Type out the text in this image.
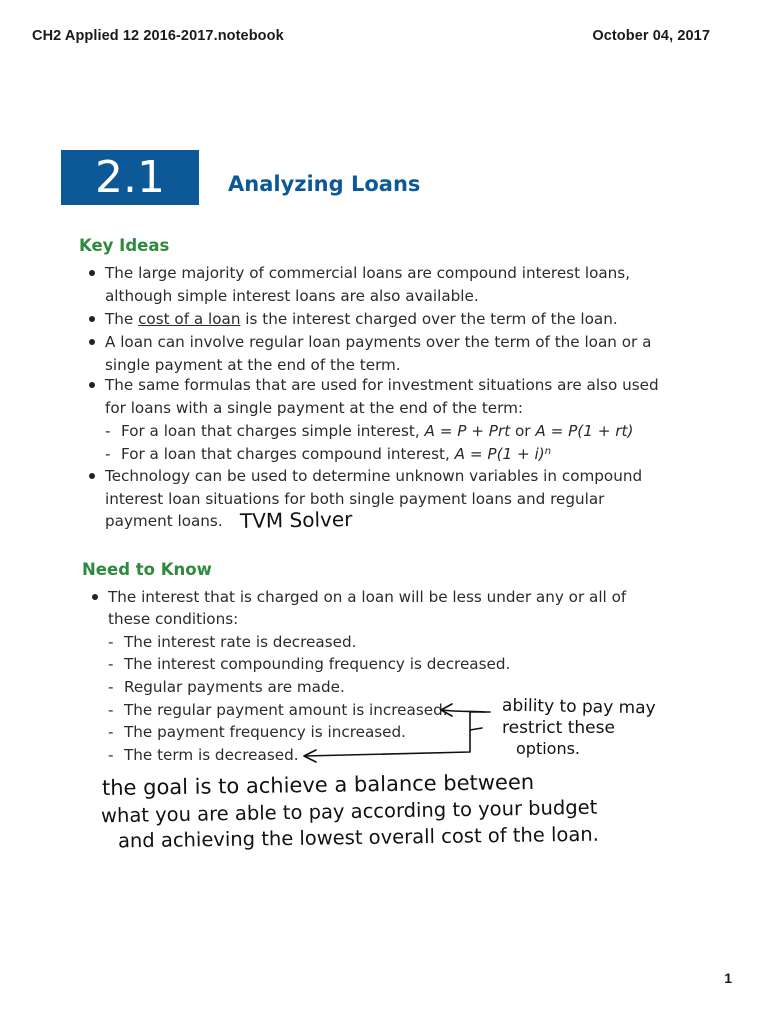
CH2 Applied 12 2016-2017.notebook	October 04, 2017
2.1	Analyzing Loans
Key Ideas
The large majority of commercial loans are compound interest loans,
although simple interest loans are also available.
The cost of a loan is the interest charged over the term of the loan.
A loan can involve regular loan payments over the term of the loan or a
single payment at the end of the term.
The same formulas that are used for investment situations are also used
for loans with a single payment at the end of the term:
- For a loan that charges simple interest, A = P + Prt or A = P(1 + rt)
- For a loan that charges compound interest, $A = P(1 + i)^n$
Technology can be used to determine unknown variables in compound
interest loan situations for both single payment loans and regular
payment loans. TVM Solver
Need to Know
The interest that is charged on a loan will be less under any or all of
these conditions:
- The interest rate is decreased.
- The interest compounding frequency is decreased.
- Regular payments are made.
- The regular payment amount is increased.
- The payment frequency is increased.
- The term is decreased.
ability to pay may
restrict these
options.
the goal is to achieve a balance between
what you are able to pay according to your budget
and achieving the lowest overall cost of the loan.
1
